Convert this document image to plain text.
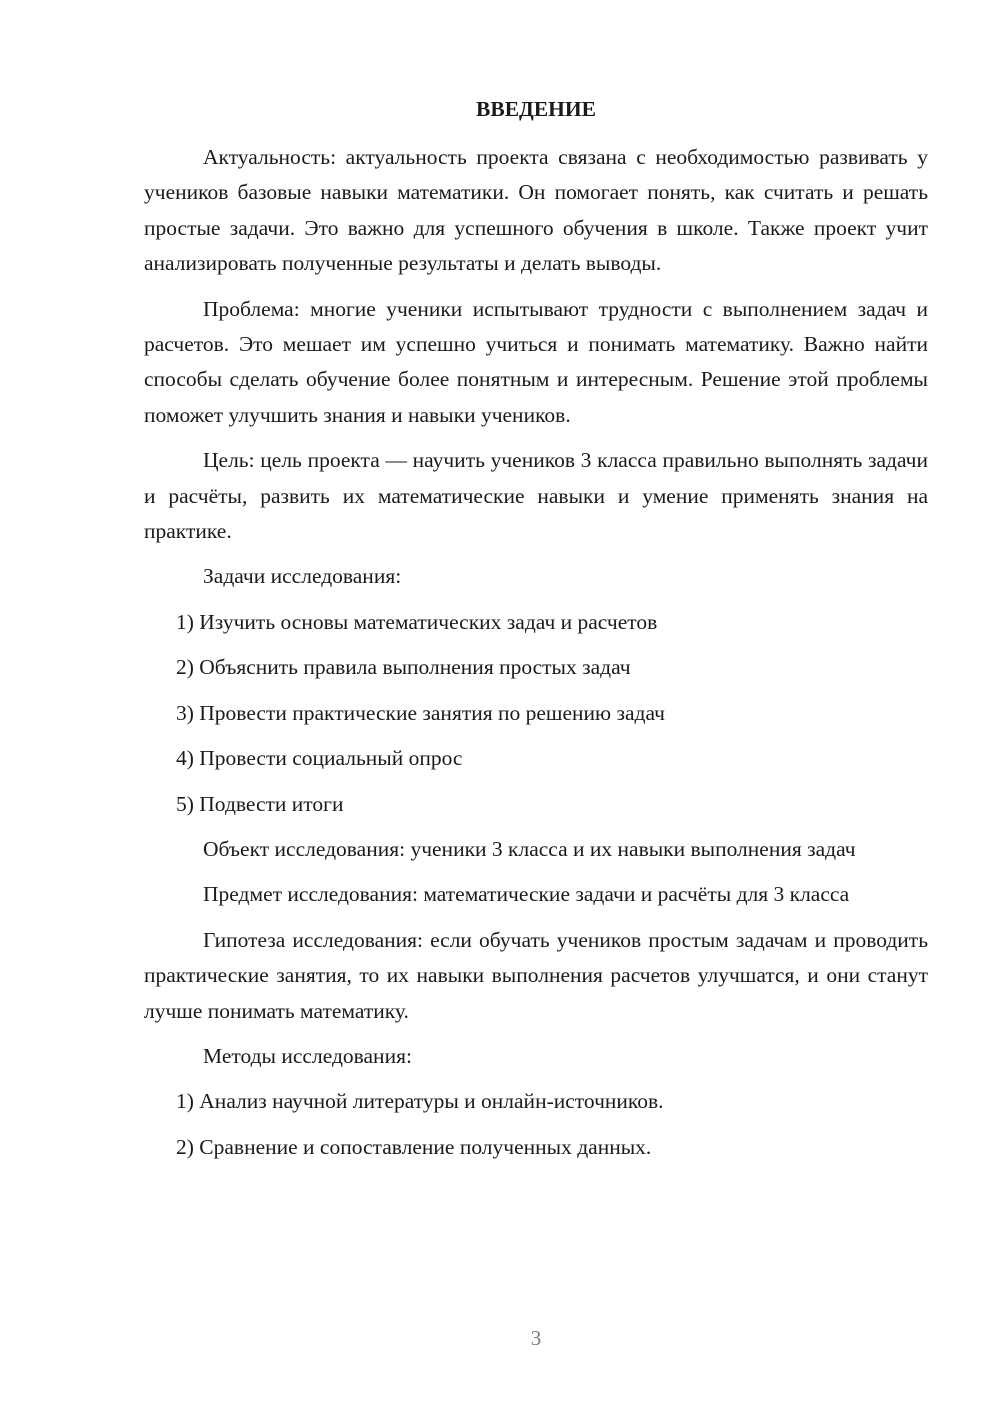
ВВЕДЕНИЕ

Актуальность: актуальность проекта связана с необходимостью развивать у учеников базовые навыки математики. Он помогает понять, как считать и решать простые задачи. Это важно для успешного обучения в школе. Также проект учит анализировать полученные результаты и делать выводы.

Проблема: многие ученики испытывают трудности с выполнением задач и расчетов. Это мешает им успешно учиться и понимать математику. Важно найти способы сделать обучение более понятным и интересным. Решение этой проблемы поможет улучшить знания и навыки учеников.

Цель: цель проекта — научить учеников 3 класса правильно выполнять задачи и расчёты, развить их математические навыки и умение применять знания на практике.

Задачи исследования:

1) Изучить основы математических задач и расчетов

2) Объяснить правила выполнения простых задач

3) Провести практические занятия по решению задач

4) Провести социальный опрос

5) Подвести итоги

Объект исследования: ученики 3 класса и их навыки выполнения задач

Предмет исследования: математические задачи и расчёты для 3 класса

Гипотеза исследования: если обучать учеников простым задачам и проводить практические занятия, то их навыки выполнения расчетов улучшатся, и они станут лучше понимать математику.

Методы исследования:

1) Анализ научной литературы и онлайн-источников.

2) Сравнение и сопоставление полученных данных.

3
